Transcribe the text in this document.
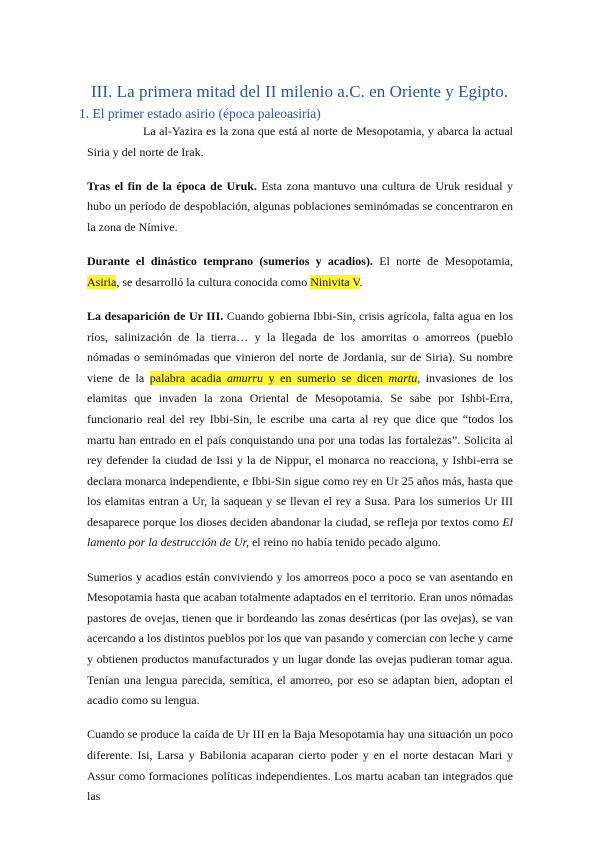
III. La primera mitad del II milenio a.C. en Oriente y Egipto.
1. El primer estado asirio (época paleoasiria)

La al-Yazira es la zona que está al norte de Mesopotamia, y abarca la actual Siria y del norte de Irak.

Tras el fin de la época de Uruk. Esta zona mantuvo una cultura de Uruk residual y hubo un período de despoblación, algunas poblaciones seminómadas se concentraron en la zona de Nímive.

Durante el dinástico temprano (sumerios y acadios). El norte de Mesopotamia, Asiria, se desarrolló la cultura conocida como Ninivita V.

La desaparición de Ur III. Cuando gobierna Ibbi-Sin, crisis agrícola, falta agua en los ríos, salinización de la tierra… y la llegada de los amorritas o amorreos (pueblo nómadas o seminómadas que vinieron del norte de Jordania, sur de Siria). Su nombre viene de la palabra acadia amurru y en sumerio se dicen martu, invasiones de los elamitas que invaden la zona Oriental de Mesopotamia. Se sabe por Ishbi-Erra, funcionario real del rey Ibbi-Sin, le escribe una carta al rey que dice que “todos los martu han entrado en el país conquistando una por una todas las fortalezas”. Solicita al rey defender la ciudad de Issi y la de Nippur, el monarca no reacciona, y Ishbi-erra se declara monarca independiente, e Ibbi-Sin sigue como rey en Ur 25 años más, hasta que los elamitas entran a Ur, la saquean y se llevan el rey a Susa. Para los sumerios Ur III desaparece porque los dioses deciden abandonar la ciudad, se refleja por textos como El lamento por la destrucción de Ur, el reino no había tenido pecado alguno.

Sumerios y acadios están conviviendo y los amorreos poco a poco se van asentando en Mesopotamia hasta que acaban totalmente adaptados en el territorio. Eran unos nómadas pastores de ovejas, tienen que ir bordeando las zonas desérticas (por las ovejas), se van acercando a los distintos pueblos por los que van pasando y comercian con leche y carne y obtienen productos manufacturados y un lugar donde las ovejas pudieran tomar agua. Tenían una lengua parecida, semítica, el amorreo, por eso se adaptan bien, adoptan el acadio como su lengua.

Cuando se produce la caída de Ur III en la Baja Mesopotamia hay una situación un poco diferente. Isi, Larsa y Babilonia acaparan cierto poder y en el norte destacan Mari y Assur como formaciones políticas independientes. Los martu acaban tan integrados que las
